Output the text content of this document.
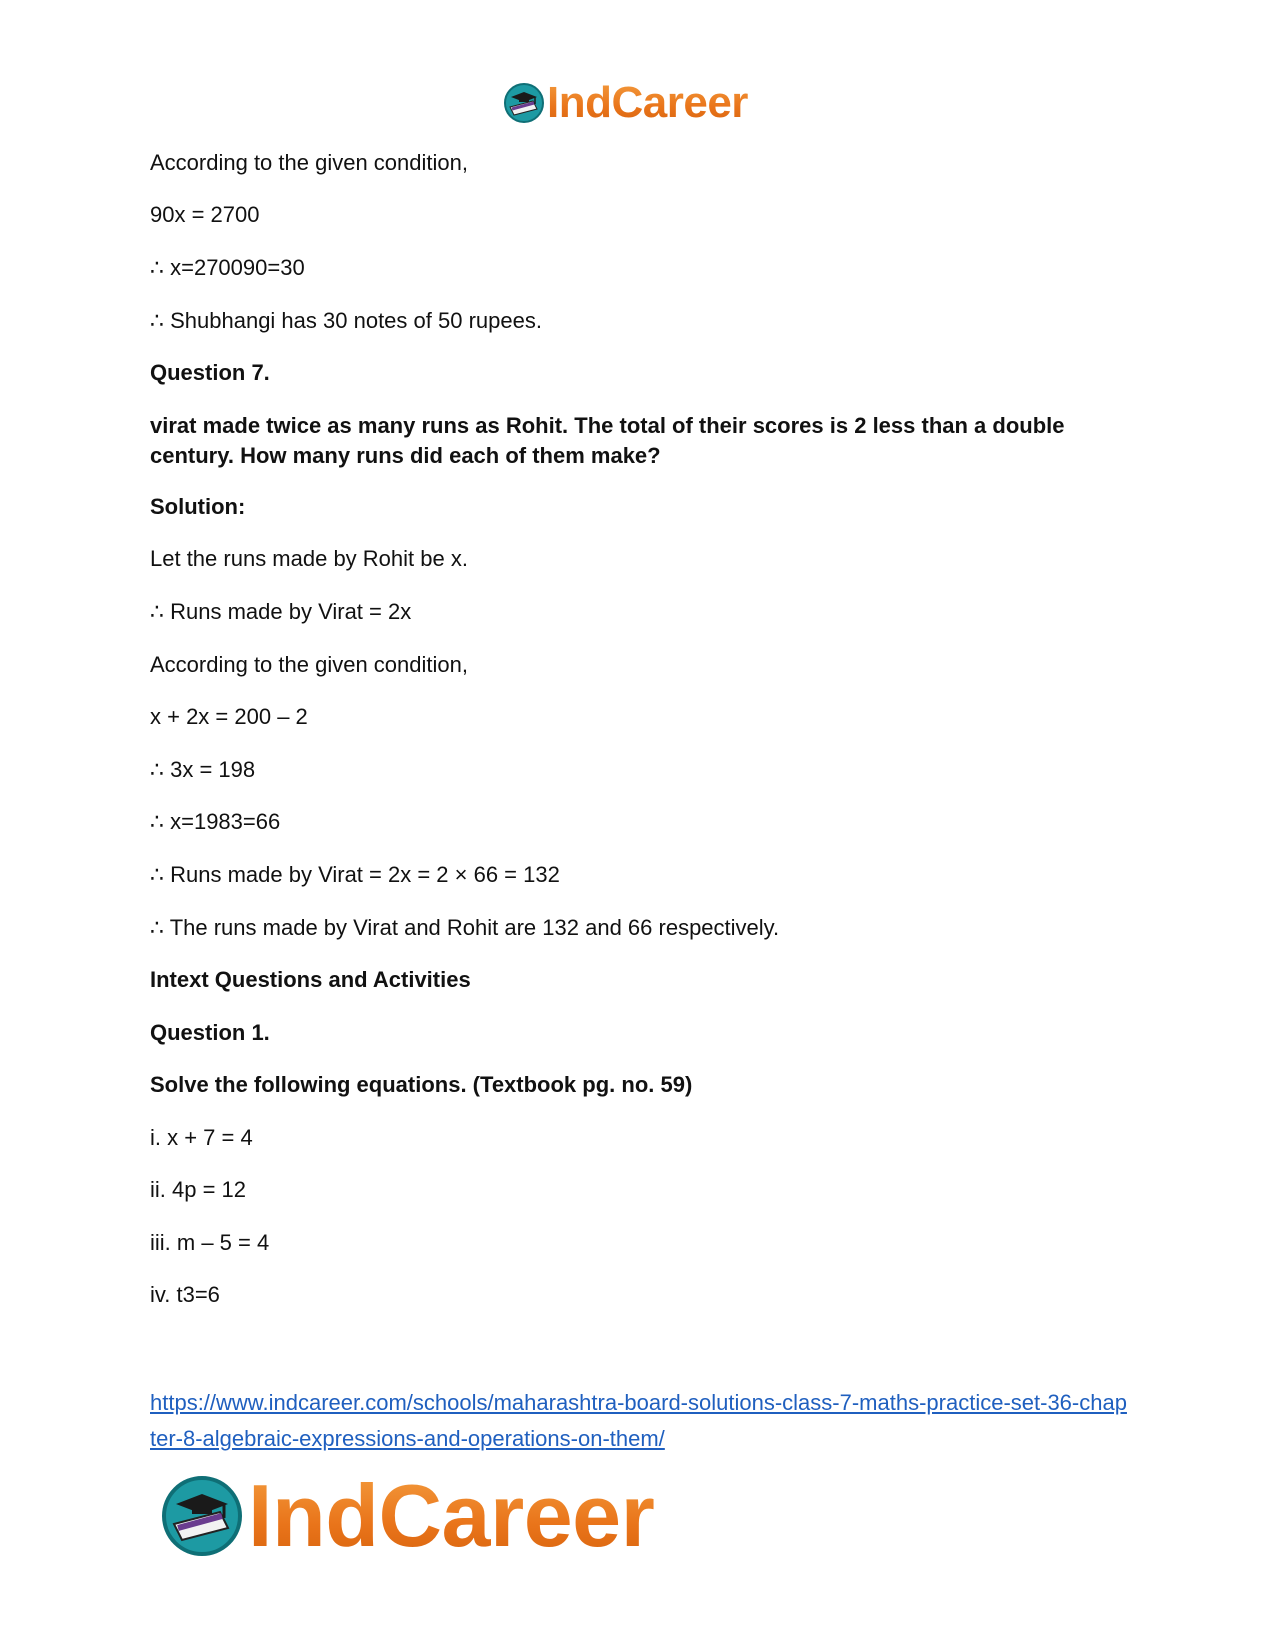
IndCareer

According to the given condition,

90x = 2700

∴ x=270090=30

∴ Shubhangi has 30 notes of 50 rupees.

Question 7.

virat made twice as many runs as Rohit. The total of their scores is 2 less than a double century. How many runs did each of them make?

Solution:

Let the runs made by Rohit be x.

∴ Runs made by Virat = 2x

According to the given condition,

x + 2x = 200 – 2

∴ 3x = 198

∴ x=1983=66

∴ Runs made by Virat = 2x = 2 × 66 = 132

∴ The runs made by Virat and Rohit are 132 and 66 respectively.

Intext Questions and Activities

Question 1.

Solve the following equations. (Textbook pg. no. 59)

i. x + 7 = 4

ii. 4p = 12

iii. m – 5 = 4

iv. t3=6

https://www.indcareer.com/schools/maharashtra-board-solutions-class-7-maths-practice-set-36-chapter-8-algebraic-expressions-and-operations-on-them/
IndCareer
